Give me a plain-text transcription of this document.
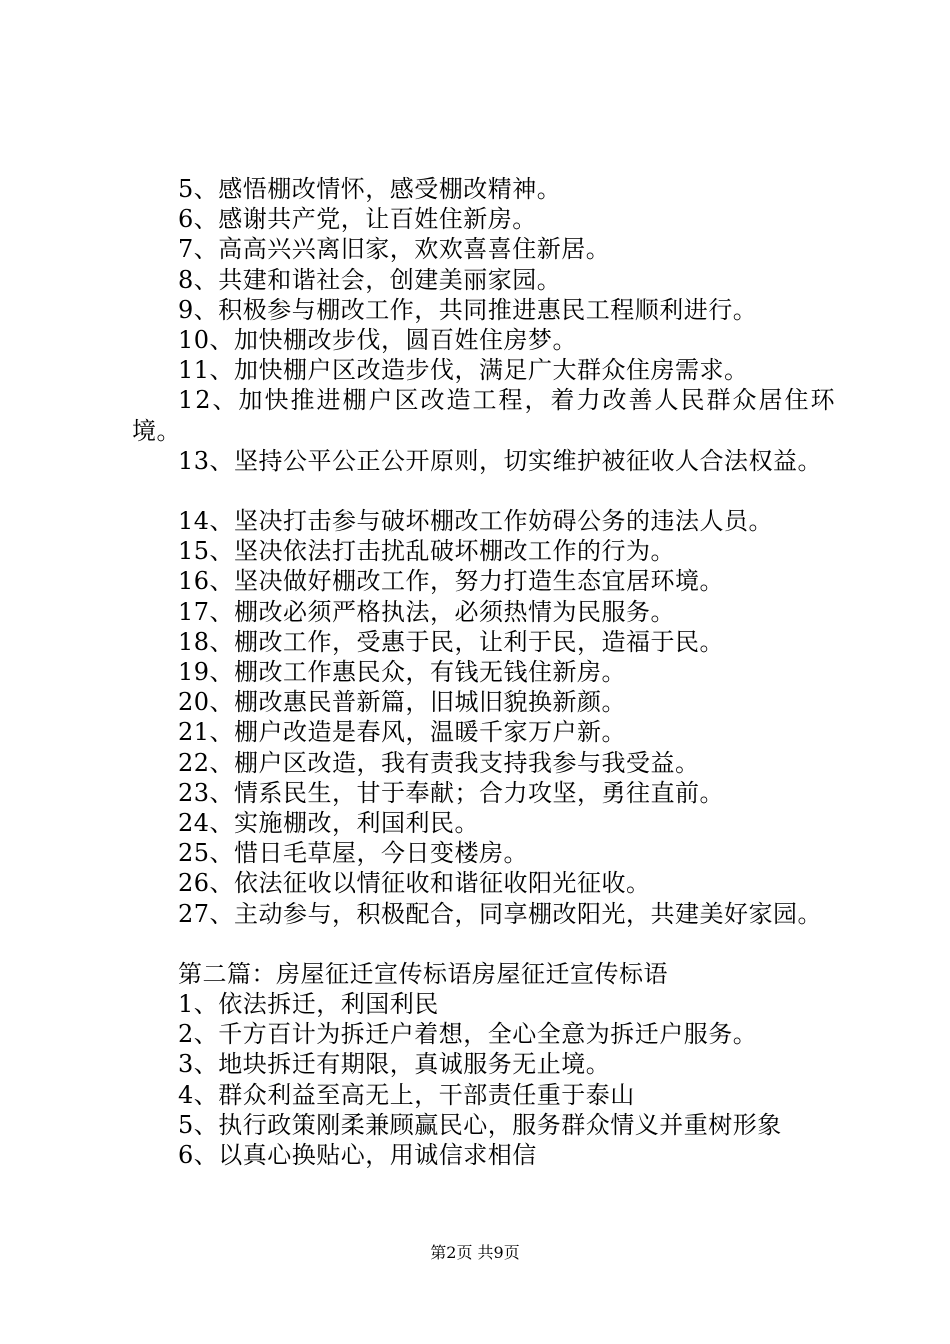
5、感悟棚改情怀，感受棚改精神。
6、感谢共产党，让百姓住新房。
7、高高兴兴离旧家，欢欢喜喜住新居。
8、共建和谐社会，创建美丽家园。
9、积极参与棚改工作，共同推进惠民工程顺利进行。
10、加快棚改步伐，圆百姓住房梦。
11、加快棚户区改造步伐，满足广大群众住房需求。
12、加快推进棚户区改造工程，着力改善人民群众居住环
境。
13、坚持公平公正公开原则，切实维护被征收人合法权益。
14、坚决打击参与破坏棚改工作妨碍公务的违法人员。
15、坚决依法打击扰乱破坏棚改工作的行为。
16、坚决做好棚改工作，努力打造生态宜居环境。
17、棚改必须严格执法，必须热情为民服务。
18、棚改工作，受惠于民，让利于民，造福于民。
19、棚改工作惠民众，有钱无钱住新房。
20、棚改惠民普新篇，旧城旧貌换新颜。
21、棚户改造是春风，温暖千家万户新。
22、棚户区改造，我有责我支持我参与我受益。
23、情系民生，甘于奉献；合力攻坚，勇往直前。
24、实施棚改，利国利民。
25、惜日毛草屋，今日变楼房。
26、依法征收以情征收和谐征收阳光征收。
27、主动参与，积极配合，同享棚改阳光，共建美好家园。
第二篇：房屋征迁宣传标语房屋征迁宣传标语
1、依法拆迁，利国利民
2、千方百计为拆迁户着想，全心全意为拆迁户服务。
3、地块拆迁有期限，真诚服务无止境。
4、群众利益至高无上，干部责任重于泰山
5、执行政策刚柔兼顾赢民心，服务群众情义并重树形象
6、以真心换贴心，用诚信求相信
第2页 共9页
